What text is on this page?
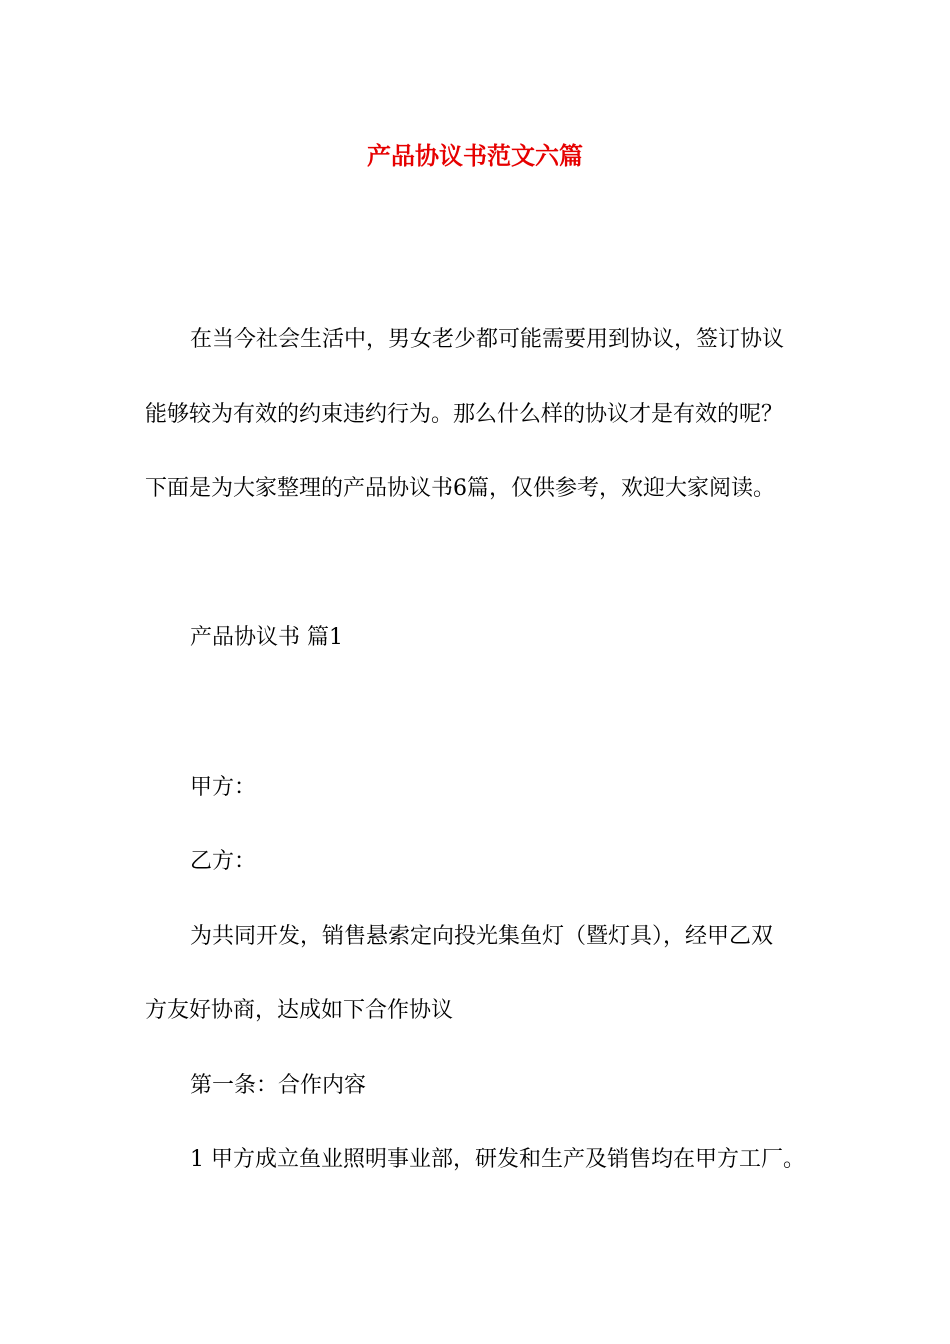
产品协议书范文六篇
在当今社会生活中，男女老少都可能需要用到协议，签订协议
能够较为有效的约束违约行为。那么什么样的协议才是有效的呢？
下面是为大家整理的产品协议书6篇，仅供参考，欢迎大家阅读。
产品协议书 篇1
甲方：
乙方：
为共同开发，销售悬索定向投光集鱼灯（暨灯具），经甲乙双
方友好协商，达成如下合作协议
第一条：合作内容
1 甲方成立鱼业照明事业部，研发和生产及销售均在甲方工厂。
